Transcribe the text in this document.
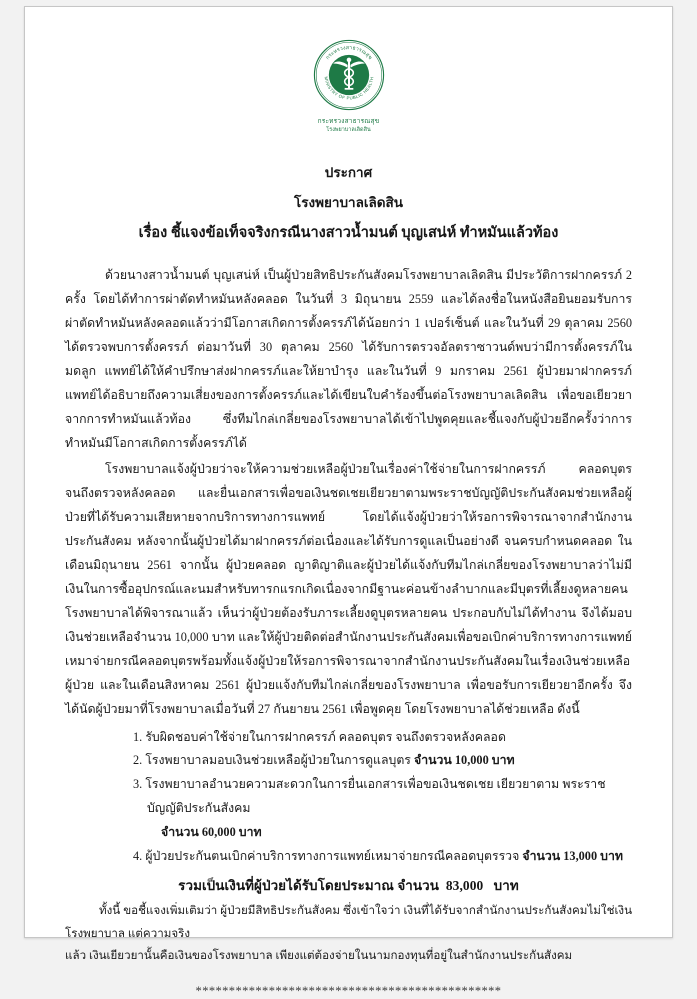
กระทรวงสาธารณสุข
MINISTRY OF PUBLIC HEALTH
กระทรวงสาธารณสุข
โรงพยาบาลเลิดสิน
ประกาศ
โรงพยาบาลเลิดสิน
เรื่อง ชี้แจงข้อเท็จจริงกรณีนางสาวน้ำมนต์ บุญเสน่ห์ ทำหมันแล้วท้อง

ด้วยนางสาวน้ำมนต์ บุญเสน่ห์ เป็นผู้ป่วยสิทธิประกันสังคมโรงพยาบาลเลิดสิน มีประวัติการฝากครรภ์ 2 ครั้ง โดยได้ทำการผ่าตัดทำหมันหลังคลอด ในวันที่ 3 มิถุนายน 2559 และได้ลงชื่อในหนังสือยินยอมรับการผ่าตัดทำหมันหลังคลอดแล้วว่ามีโอกาสเกิดการตั้งครรภ์ได้น้อยกว่า 1 เปอร์เซ็นต์ และในวันที่ 29 ตุลาคม 2560 ได้ตรวจพบการตั้งครรภ์ ต่อมาวันที่ 30 ตุลาคม 2560 ได้รับการตรวจอัลตราซาวนด์พบว่ามีการตั้งครรภ์ในมดลูก แพทย์ได้ให้คำปรึกษาส่งฝากครรภ์และให้ยาบำรุง และในวันที่ 9 มกราคม 2561 ผู้ป่วยมาฝากครรภ์ แพทย์ได้อธิบายถึงความเสี่ยงของการตั้งครรภ์และได้เขียนใบคำร้องขึ้นต่อโรงพยาบาลเลิดสิน เพื่อขอเยียวยาจากการทำหมันแล้วท้อง ซึ่งทีมไกล่เกลี่ยของโรงพยาบาลได้เข้าไปพูดคุยและชี้แจงกับผู้ป่วยอีกครั้งว่าการทำหมันมีโอกาสเกิดการตั้งครรภ์ได้

โรงพยาบาลแจ้งผู้ป่วยว่าจะให้ความช่วยเหลือผู้ป่วยในเรื่องค่าใช้จ่ายในการฝากครรภ์ คลอดบุตร จนถึงตรวจหลังคลอด และยื่นเอกสารเพื่อขอเงินชดเชยเยียวยาตามพระราชบัญญัติประกันสังคมช่วยเหลือผู้ป่วยที่ได้รับความเสียหายจากบริการทางการแพทย์ โดยได้แจ้งผู้ป่วยว่าให้รอการพิจารณาจากสำนักงานประกันสังคม หลังจากนั้นผู้ป่วยได้มาฝากครรภ์ต่อเนื่องและได้รับการดูแลเป็นอย่างดี จนครบกำหนดคลอด ในเดือนมิถุนายน 2561 จากนั้น ผู้ป่วยคลอด ญาติญาติและผู้ป่วยได้แจ้งกับทีมไกล่เกลี่ยของโรงพยาบาลว่าไม่มีเงินในการซื้ออุปกรณ์และนมสำหรับทารกแรกเกิดเนื่องจากมีฐานะค่อนข้างลำบากและมีบุตรที่เลี้ยงดูหลายคน โรงพยาบาลได้พิจารณาแล้ว เห็นว่าผู้ป่วยต้องรับภาระเลี้ยงดูบุตรหลายคน ประกอบกับไม่ได้ทำงาน จึงได้มอบเงินช่วยเหลือจำนวน 10,000 บาท และให้ผู้ป่วยติดต่อสำนักงานประกันสังคมเพื่อขอเบิกค่าบริการทางการแพทย์เหมาจ่ายกรณีคลอดบุตรพร้อมทั้งแจ้งผู้ป่วยให้รอการพิจารณาจากสำนักงานประกันสังคมในเรื่องเงินช่วยเหลือผู้ป่วย และในเดือนสิงหาคม 2561 ผู้ป่วยแจ้งกับทีมไกล่เกลี่ยของโรงพยาบาล เพื่อขอรับการเยียวยาอีกครั้ง จึงได้นัดผู้ป่วยมาที่โรงพยาบาลเมื่อวันที่ 27 กันยายน 2561 เพื่อพูดคุย โดยโรงพยาบาลได้ช่วยเหลือ ดังนี้

1. รับผิดชอบค่าใช้จ่ายในการฝากครรภ์ คลอดบุตร จนถึงตรวจหลังคลอด

2. โรงพยาบาลมอบเงินช่วยเหลือผู้ป่วยในการดูแลบุตร จำนวน 10,000 บาท

3. โรงพยาบาลอำนวยความสะดวกในการยื่นเอกสารเพื่อขอเงินชดเชย เยียวยาตาม พระราชบัญญัติประกันสังคม

จำนวน 60,000 บาท

4. ผู้ป่วยประกันตนเบิกค่าบริการทางการแพทย์เหมาจ่ายกรณีคลอดบุตรรวจ จำนวน 13,000 บาท

รวมเป็นเงินที่ผู้ป่วยได้รับโดยประมาณ จำนวน 83,000 บาท

ทั้งนี้ ขอชี้แจงเพิ่มเติมว่า ผู้ป่วยมีสิทธิประกันสังคม ซึ่งเข้าใจว่า เงินที่ได้รับจากสำนักงานประกันสังคมไม่ใช่เงินโรงพยาบาล แต่ความจริง

แล้ว เงินเยียวยานั้นคือเงินของโรงพยาบาล เพียงแต่ต้องจ่ายในนามกองทุนที่อยู่ในสำนักงานประกันสังคม

**********************************************
